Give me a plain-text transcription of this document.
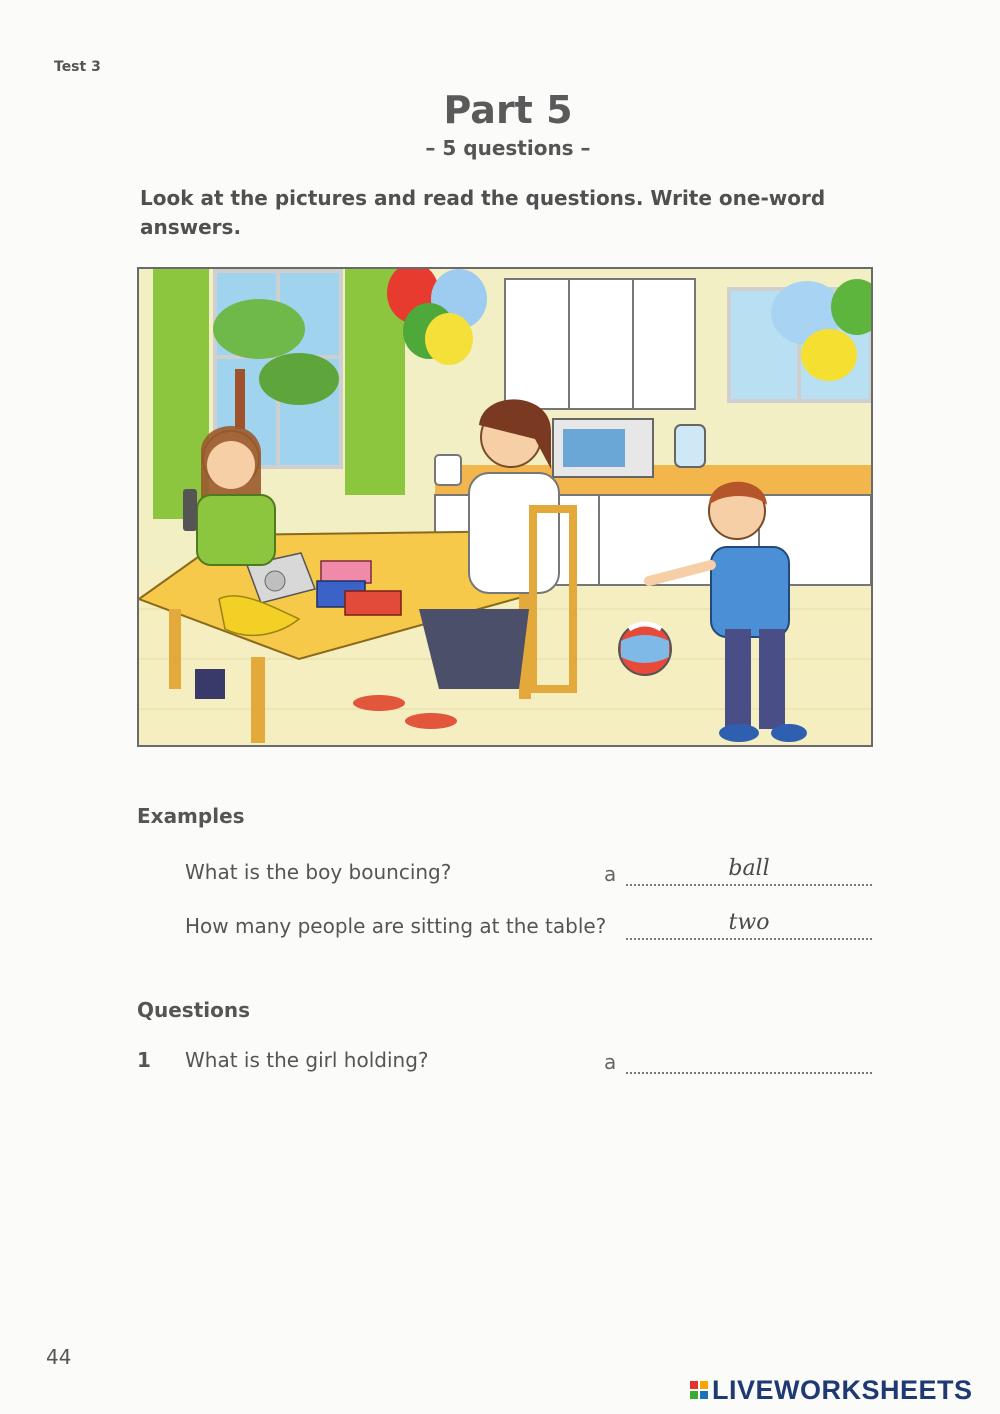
Test 3
Part 5
– 5 questions –
Look at the pictures and read the questions. Write one-word answers.
Examples
What is the boy bouncing?	a	ball
How many people are sitting at the table?	two
Questions
1 What is the girl holding?	a
44
LIVEWORKSHEETS
